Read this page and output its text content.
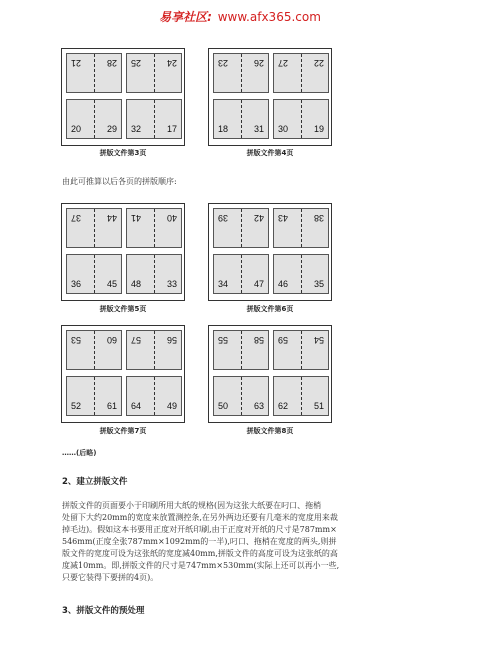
易享社区: www.afx365.com
21	28 25	24
20	29 32	17
拼版文件第3页
23	26 27	22
18	31 30	19
拼版文件第4页
由此可推算以后各页的拼版顺序:
37	44 41	40
36	45 48	33
拼版文件第5页
39	42 43	38
34	47 46	35
拼版文件第6页
53	60 57	56
52	61 64	49
拼版文件第7页
55	58 59	54
50	63 62	51
拼版文件第8页
……(后略)
2、建立拼版文件

拼版文件的页面要小于印刷所用大纸的规格(因为这张大纸要在叼口、拖梢

处留下大约20mm的宽度来放置测控条,在另外两边还要有几毫米的宽度用来裁

掉毛边)。假如这本书要用正度对开纸印刷,由于正度对开纸的尺寸是787mm×

546mm(正度全张787mm×1092mm的一半),叼口、拖梢在宽度的两头,则拼

版文件的宽度可设为这张纸的宽度减40mm,拼版文件的高度可设为这张纸的高

度减10mm。即,拼版文件的尺寸是747mm×530mm(实际上还可以再小一些,

只要它装得下要拼的4页)。

3、拼版文件的预处理
